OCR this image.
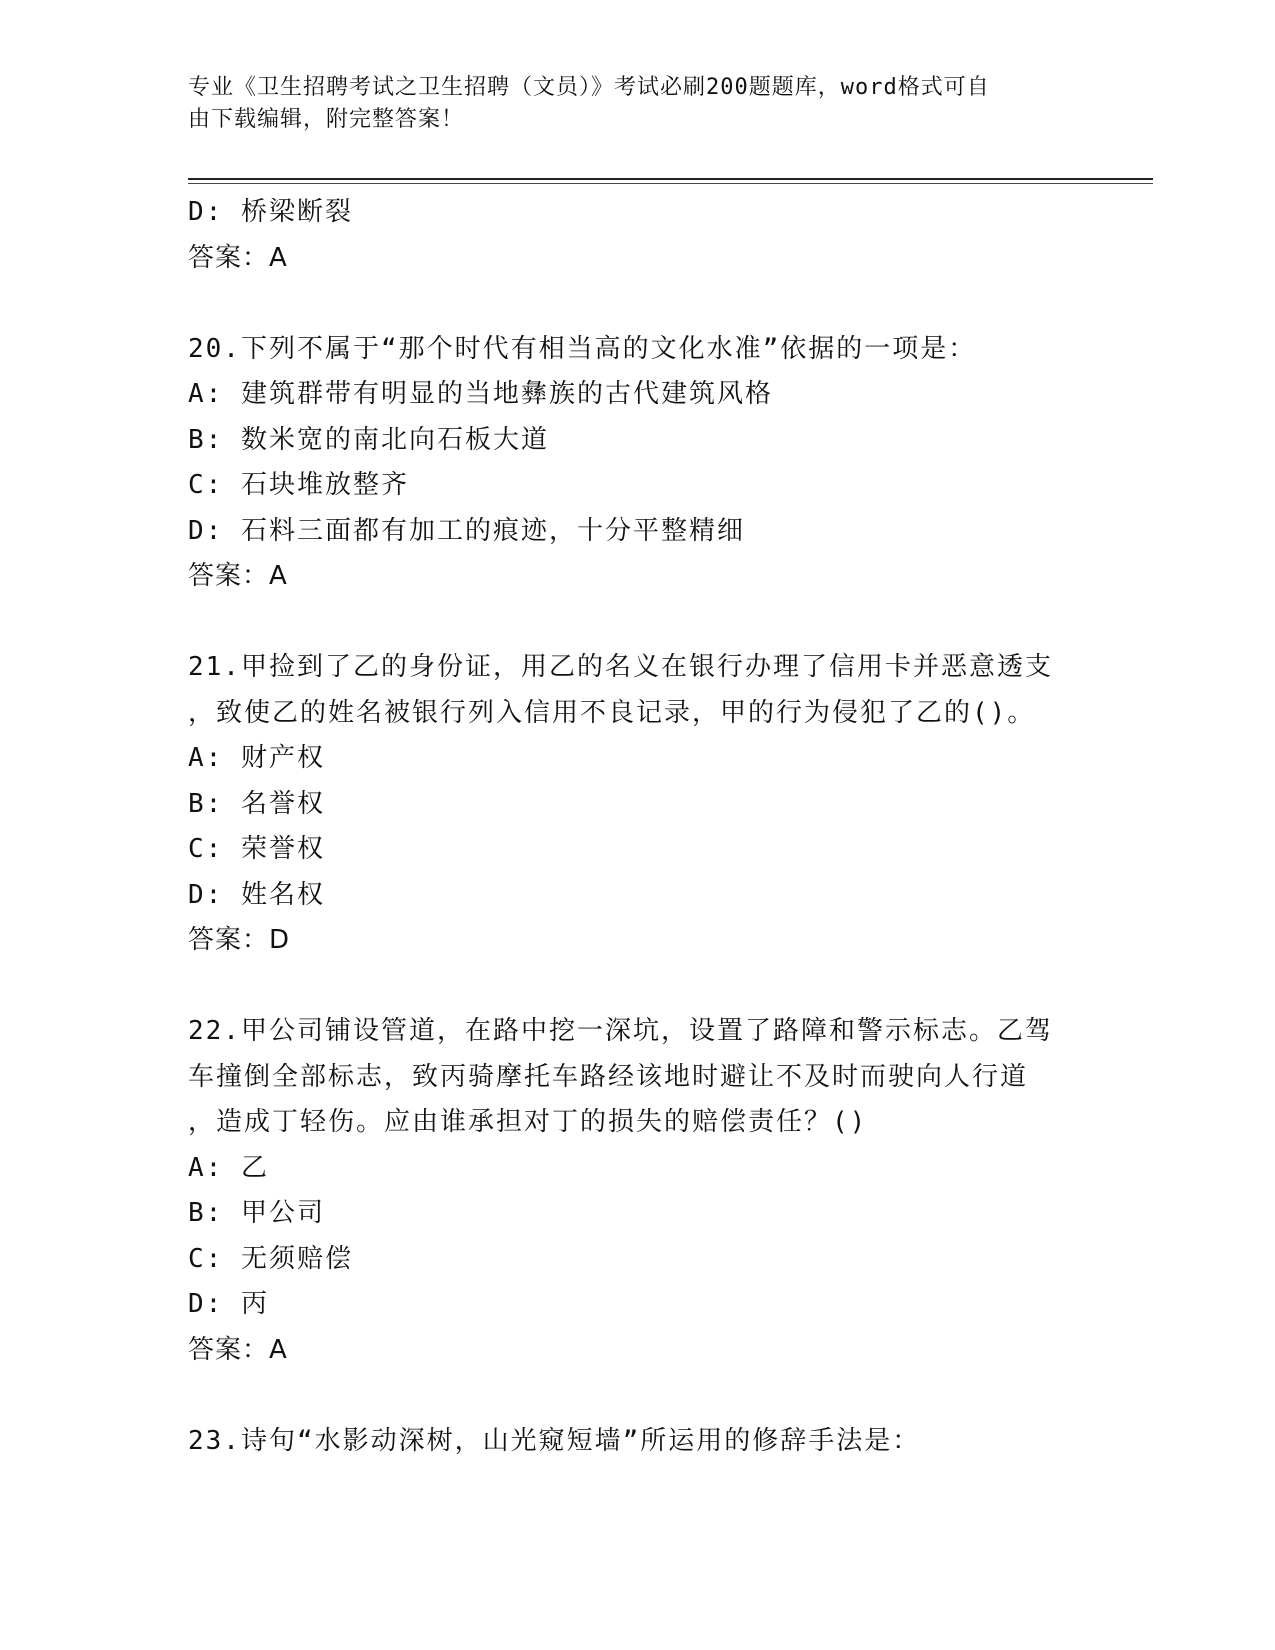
专业《卫生招聘考试之卫生招聘（文员）》考试必刷200题题库，word格式可自
由下载编辑，附完整答案！
D: 桥梁断裂
答案：A
20.下列不属于“那个时代有相当高的文化水准”依据的一项是：
A: 建筑群带有明显的当地彝族的古代建筑风格
B: 数米宽的南北向石板大道
C: 石块堆放整齐
D: 石料三面都有加工的痕迹，十分平整精细
答案：A
21.甲捡到了乙的身份证，用乙的名义在银行办理了信用卡并恶意透支
，致使乙的姓名被银行列入信用不良记录，甲的行为侵犯了乙的()。
A: 财产权
B: 名誉权
C: 荣誉权
D: 姓名权
答案：D
22.甲公司铺设管道，在路中挖一深坑，设置了路障和警示标志。乙驾
车撞倒全部标志，致丙骑摩托车路经该地时避让不及时而驶向人行道
，造成丁轻伤。应由谁承担对丁的损失的赔偿责任？()
A: 乙
B: 甲公司
C: 无须赔偿
D: 丙
答案：A
23.诗句“水影动深树，山光窥短墙”所运用的修辞手法是：
